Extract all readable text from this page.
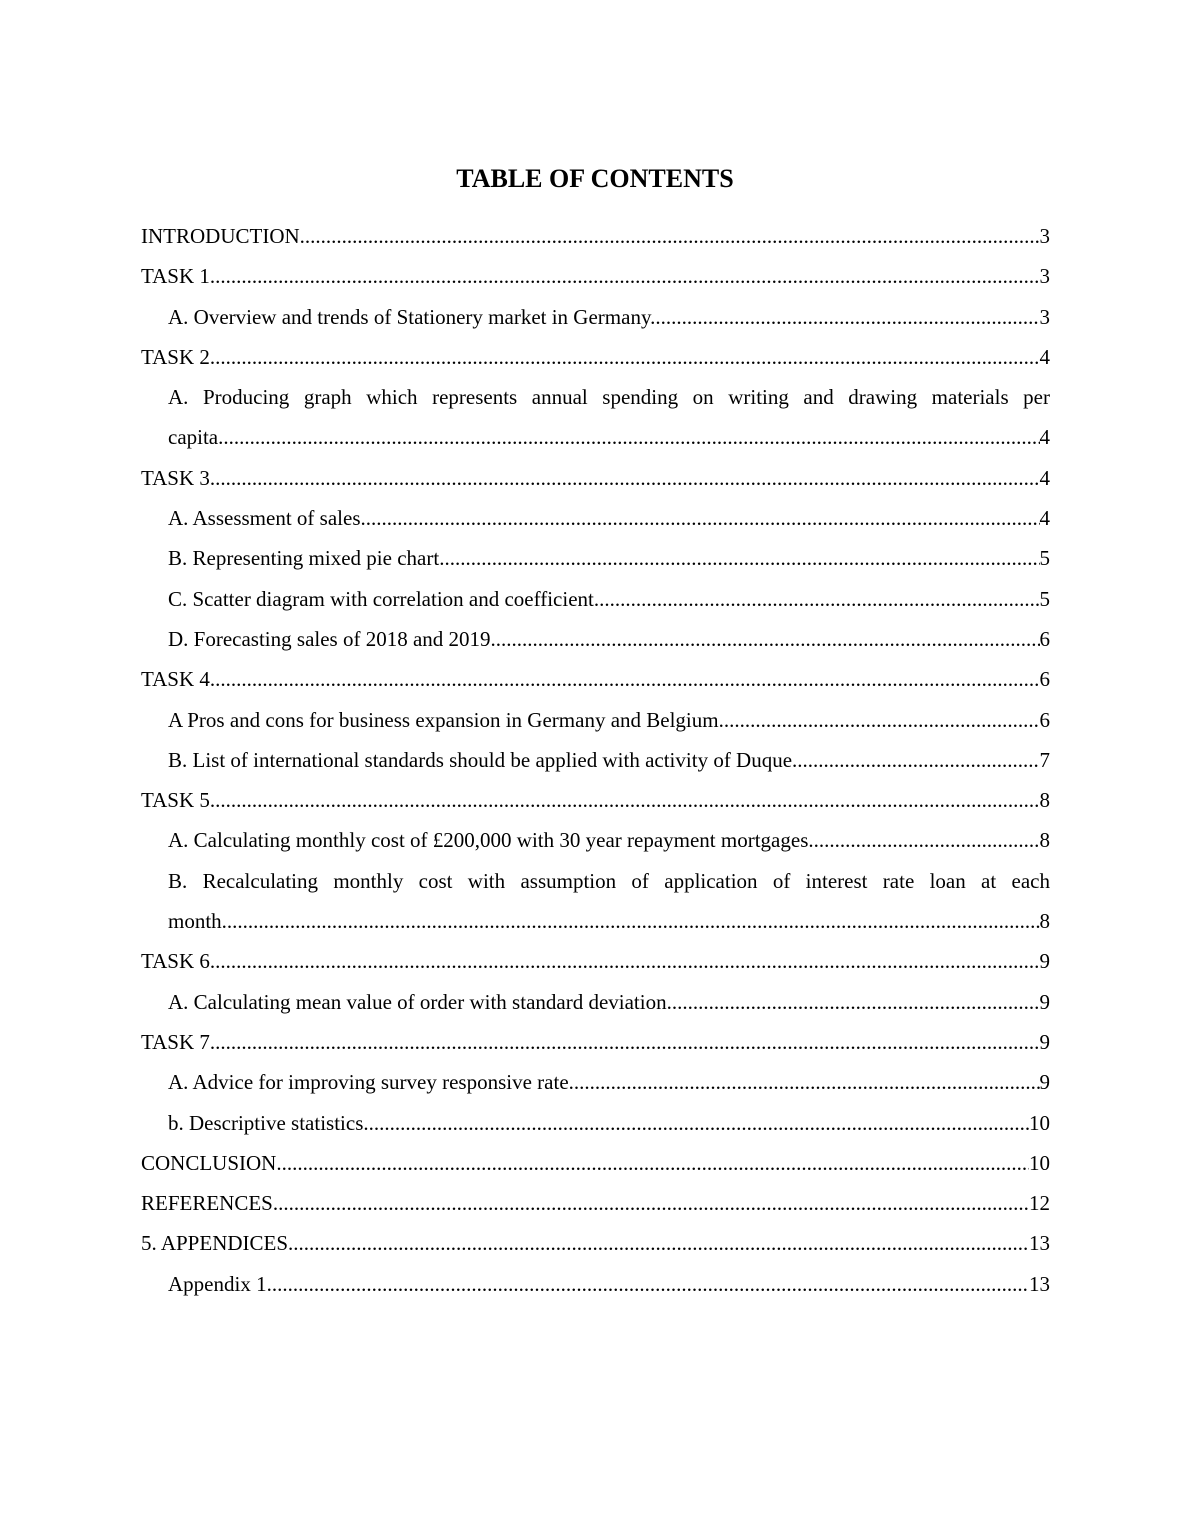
TABLE OF CONTENTS
INTRODUCTION .....	3
TASK 1 .....	3
A. Overview and trends of Stationery market in Germany .....	3
TASK 2 .....	4
A. Producing graph which represents annual spending on writing and drawing materials per
capita .....	4
TASK 3 .....	4
A. Assessment of sales .....	4
B. Representing mixed pie chart .....	5
C. Scatter diagram with correlation and coefficient .....	5
D. Forecasting sales of 2018 and 2019 .....	6
TASK 4 .....	6
A Pros and cons for business expansion in Germany and Belgium .....	6
B. List of international standards should be applied with activity of Duque .....	7
TASK 5 .....	8
A. Calculating monthly cost of £200,000 with 30 year repayment mortgages .....	8
B. Recalculating monthly cost with assumption of application of interest rate loan at each
month .....	8
TASK 6 .....	9
A. Calculating mean value of order with standard deviation .....	9
TASK 7 .....	9
A. Advice for improving survey responsive rate .....	9
b. Descriptive statistics .....	10
CONCLUSION .....	10
REFERENCES .....	12
5. APPENDICES .....	13
Appendix 1 .....	13
